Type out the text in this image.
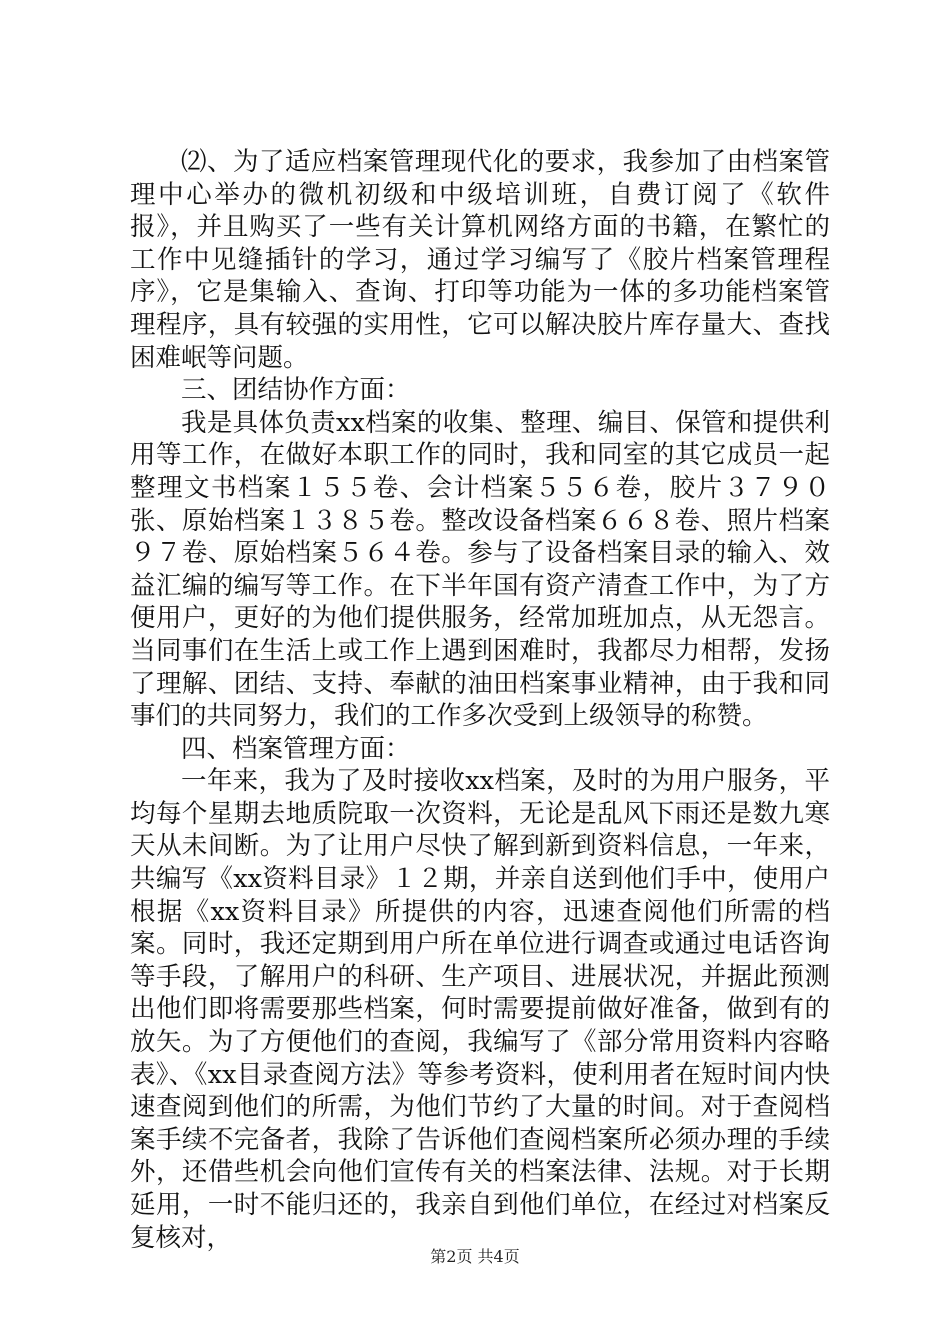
⑵、为了适应档案管理现代化的要求，我参加了由档案管理中心举办的微机初级和中级培训班，自费订阅了《软件报》，并且购买了一些有关计算机网络方面的书籍，在繁忙的工作中见缝插针的学习，通过学习编写了《胶片档案管理程序》，它是集输入、查询、打印等功能为一体的多功能档案管理程序，具有较强的实用性，它可以解决胶片库存量大、查找困难岷等问题。

三、团结协作方面：

我是具体负责xx档案的收集、整理、编目、保管和提供利用等工作，在做好本职工作的同时，我和同室的其它成员一起整理文书档案１５５卷、会计档案５５６卷，胶片３７９０张、原始档案１３８５卷。整改设备档案６６８卷、照片档案９７卷、原始档案５６４卷。参与了设备档案目录的输入、效益汇编的编写等工作。在下半年国有资产清查工作中，为了方便用户，更好的为他们提供服务，经常加班加点，从无怨言。当同事们在生活上或工作上遇到困难时，我都尽力相帮，发扬了理解、团结、支持、奉献的油田档案事业精神，由于我和同事们的共同努力，我们的工作多次受到上级领导的称赞。

四、档案管理方面：

一年来，我为了及时接收xx档案，及时的为用户服务，平均每个星期去地质院取一次资料，无论是乱风下雨还是数九寒天从未间断。为了让用户尽快了解到新到资料信息，一年来，共编写《xx资料目录》１２期，并亲自送到他们手中，使用户根据《xx资料目录》所提供的内容，迅速查阅他们所需的档案。同时，我还定期到用户所在单位进行调查或通过电话咨询等手段，了解用户的科研、生产项目、进展状况，并据此预测出他们即将需要那些档案，何时需要提前做好准备，做到有的放矢。为了方便他们的查阅，我编写了《部分常用资料内容略表》、《xx目录查阅方法》等参考资料，使利用者在短时间内快速查阅到他们的所需，为他们节约了大量的时间。对于查阅档案手续不完备者，我除了告诉他们查阅档案所必须办理的手续外，还借些机会向他们宣传有关的档案法律、法规。对于长期延用，一时不能归还的，我亲自到他们单位，在经过对档案反复核对，

第2页 共4页
